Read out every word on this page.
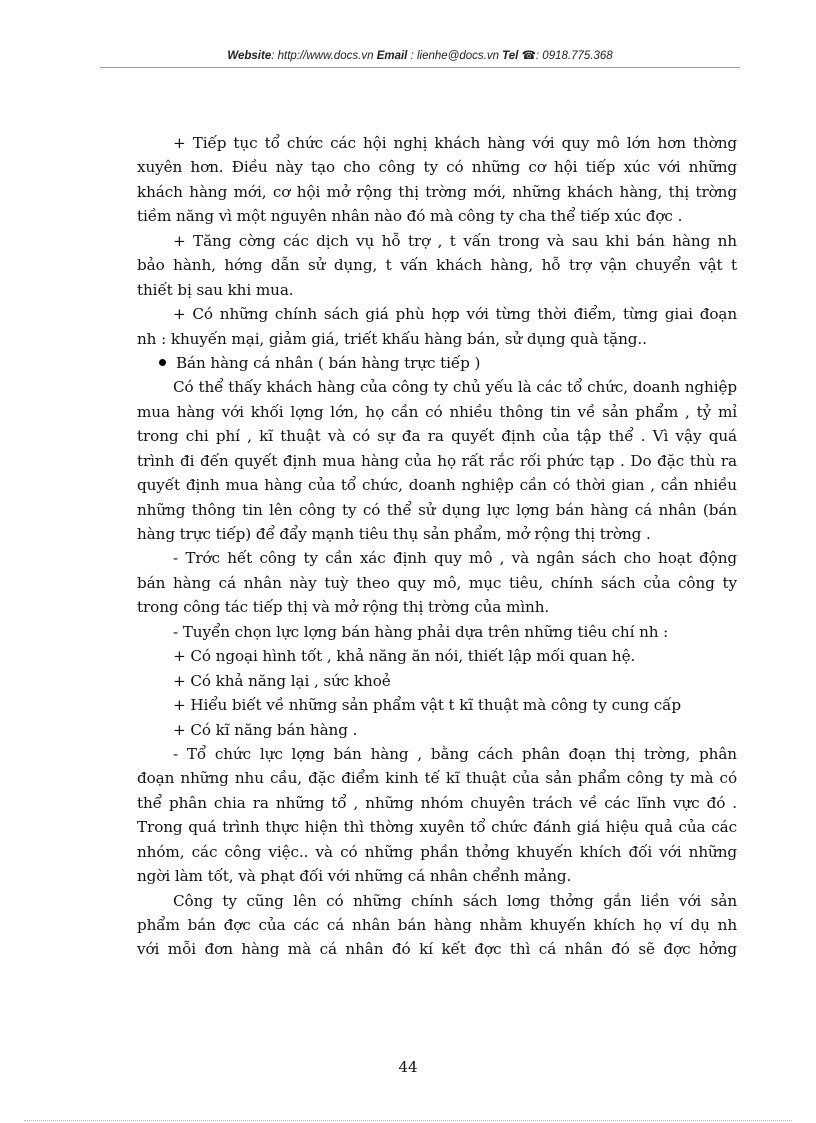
Website: http://www.docs.vn Email : lienhe@docs.vn Tel ☎: 0918.775.368
+ Tiếp tục tổ chức các hội nghị khách hàng với quy mô lớn hơn thờng
xuyên hơn. Điều này tạo cho công ty có những cơ hội tiếp xúc với những
khách hàng mới, cơ hội mở rộng thị trờng mới, những khách hàng, thị trờng
tiềm năng vì một nguyên nhân nào đó mà công ty cha thể tiếp xúc đợc .
+ Tăng cờng các dịch vụ hỗ trợ , t vấn trong và sau khi bán hàng nh
bảo hành, hớng dẫn sử dụng, t vấn khách hàng, hỗ trợ vận chuyển vật t
thiết bị sau khi mua.
+ Có những chính sách giá phù hợp với từng thời điểm, từng giai đoạn
nh : khuyến mại, giảm giá, triết khấu hàng bán, sử dụng quà tặng..
Bán hàng cá nhân ( bán hàng trực tiếp )
Có thể thấy khách hàng của công ty chủ yếu là các tổ chức, doanh nghiệp
mua hàng với khối lợng lớn, họ cần có nhiều thông tin về sản phẩm , tỷ mỉ
trong chi phí , kĩ thuật và có sự đa ra quyết định của tập thể . Vì vậy quá
trình đi đến quyết định mua hàng của họ rất rắc rối phức tạp . Do đặc thù ra
quyết định mua hàng của tổ chức, doanh nghiệp cần có thời gian , cần nhiều
những thông tin lên công ty có thể sử dụng lực lợng bán hàng cá nhân (bán
hàng trực tiếp) để đẩy mạnh tiêu thụ sản phẩm, mở rộng thị trờng .
- Trớc hết công ty cần xác định quy mô , và ngân sách cho hoạt động
bán hàng cá nhân này tuỳ theo quy mô, mục tiêu, chính sách của công ty
trong công tác tiếp thị và mở rộng thị trờng của mình.
- Tuyển chọn lực lợng bán hàng phải dựa trên những tiêu chí nh :
+ Có ngoại hình tốt , khả năng ăn nói, thiết lập mối quan hệ.
+ Có khả năng lại , sức khoẻ
+ Hiểu biết về những sản phẩm vật t kĩ thuật mà công ty cung cấp
+ Có kĩ năng bán hàng .
- Tổ chức lực lợng bán hàng , bằng cách phân đoạn thị trờng, phân
đoạn những nhu cầu, đặc điểm kinh tế kĩ thuật của sản phẩm công ty mà có
thể phân chia ra những tổ , những nhóm chuyên trách về các lĩnh vực đó .
Trong quá trình thực hiện thì thờng xuyên tổ chức đánh giá hiệu quả của các
nhóm, các công việc.. và có những phần thởng khuyến khích đối với những
ngời làm tốt, và phạt đối với những cá nhân chểnh mảng.
Công ty cũng lên có những chính sách lơng thởng gắn liền với sản
phẩm bán đợc của các cá nhân bán hàng nhằm khuyến khích họ ví dụ nh
với mỗi đơn hàng mà cá nhân đó kí kết đợc thì cá nhân đó sẽ đợc hởng
44
